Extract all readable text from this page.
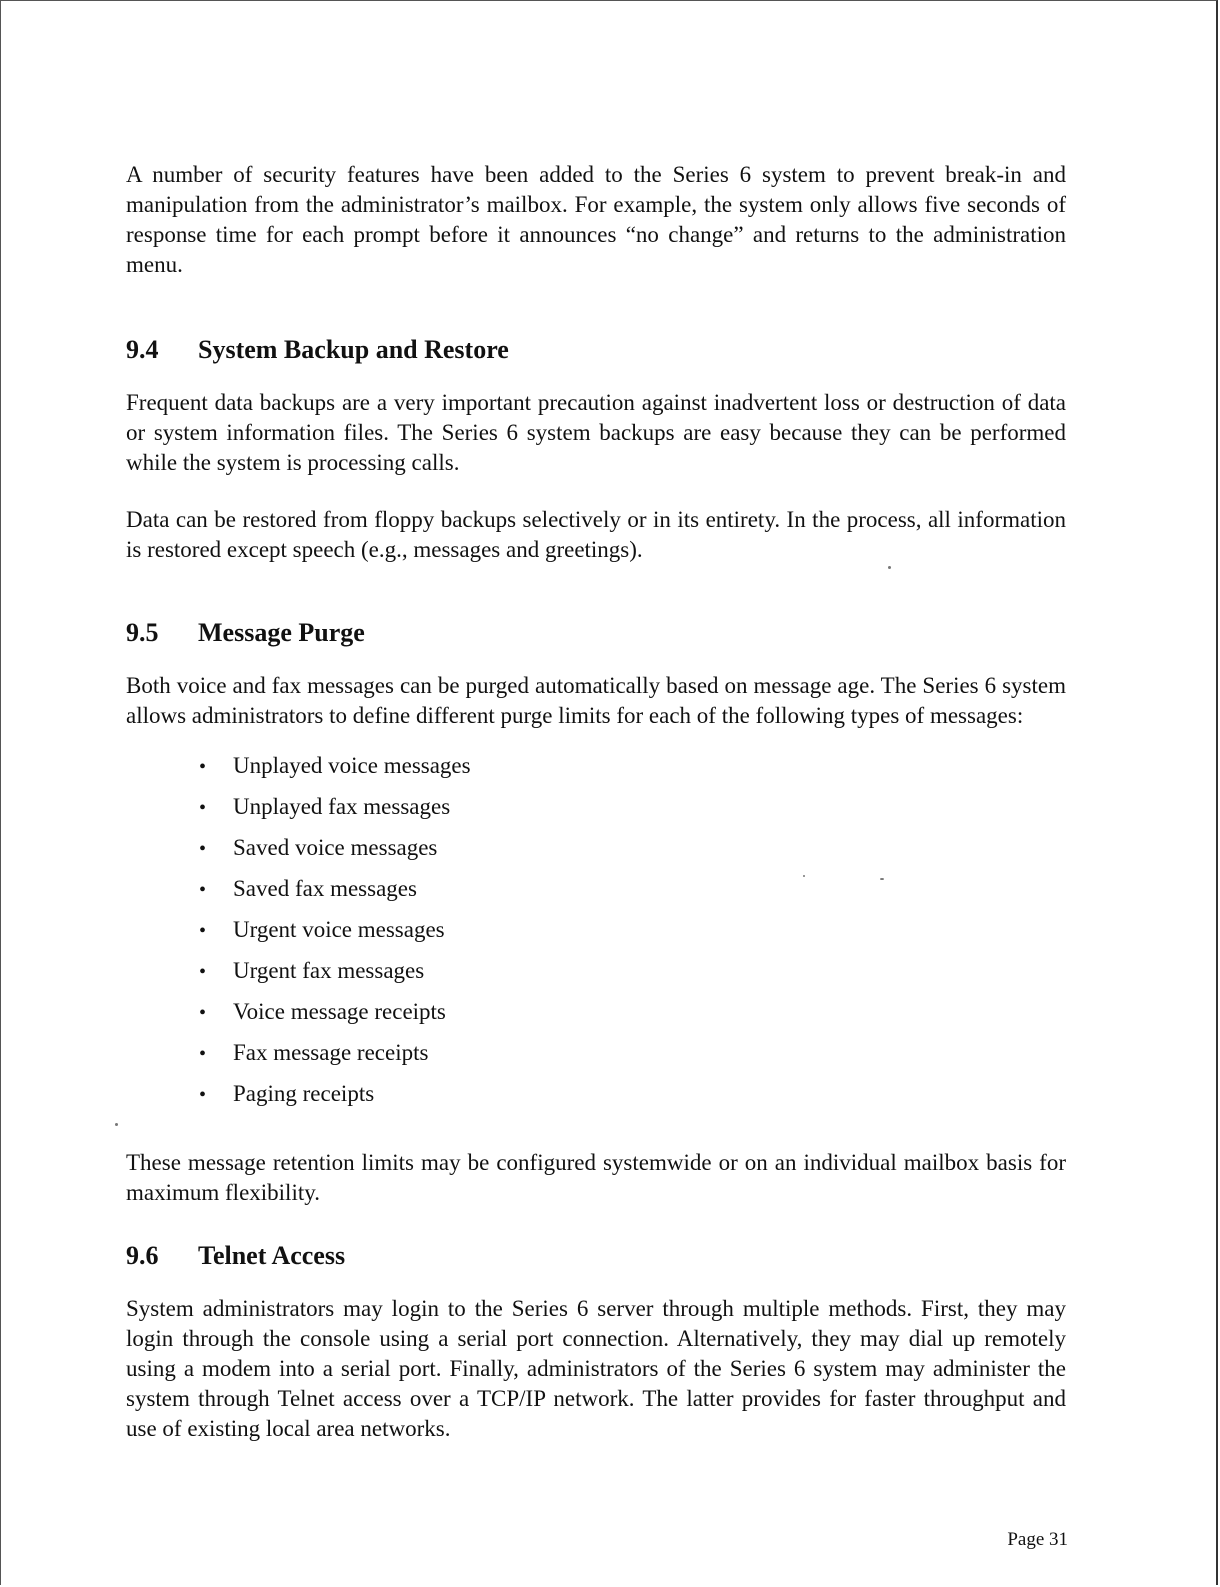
A number of security features have been added to the Series 6 system to prevent break-in and manipulation from the administrator’s mailbox. For example, the system only allows five seconds of response time for each prompt before it announces “no change” and returns to the administration menu.

9.4	System Backup and Restore

Frequent data backups are a very important precaution against inadvertent loss or destruction of data or system information files. The Series 6 system backups are easy because they can be performed while the system is processing calls.

Data can be restored from floppy backups selectively or in its entirety. In the process, all information is restored except speech (e.g., messages and greetings).

9.5	Message Purge

Both voice and fax messages can be purged automatically based on message age. The Series 6 system allows administrators to define different purge limits for each of the following types of messages:

•	Unplayed voice messages
•	Unplayed fax messages
•	Saved voice messages
•	Saved fax messages
•	Urgent voice messages
•	Urgent fax messages
•	Voice message receipts
•	Fax message receipts
•	Paging receipts

These message retention limits may be configured systemwide or on an individual mailbox basis for maximum flexibility.

9.6	Telnet Access

System administrators may login to the Series 6 server through multiple methods. First, they may login through the console using a serial port connection. Alternatively, they may dial up remotely using a modem into a serial port. Finally, administrators of the Series 6 system may administer the system through Telnet access over a TCP/IP network. The latter provides for faster throughput and use of existing local area networks.

Page 31
